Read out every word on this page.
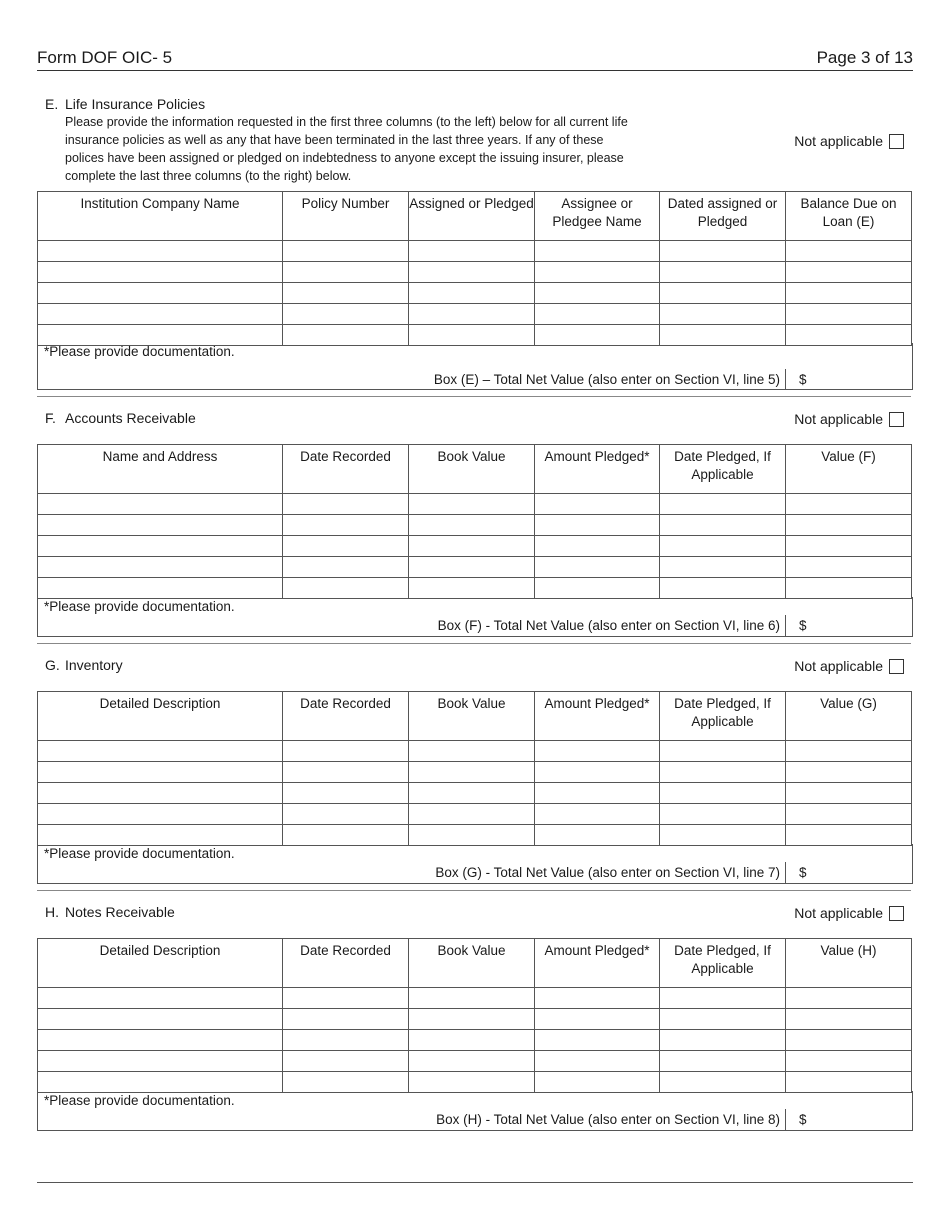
Form DOF OIC- 5	Page 3 of 13
E. Life Insurance Policies
Please provide the information requested in the first three columns (to the left) below for all current life insurance policies as well as any that have been terminated in the last three years. If any of these polices have been assigned or pledged on indebtedness to anyone except the issuing insurer, please complete the last three columns (to the right) below.
Not applicable
Institution Company Name	Policy Number	Assigned or Pledged	Assignee or Pledgee Name	Dated assigned or Pledged	Balance Due on Loan (E)

*Please provide documentation.
Box (E) – Total Net Value (also enter on Section VI, line 5) $
F. Accounts Receivable	Not applicable
Name and Address	Date Recorded	Book Value	Amount Pledged*	Date Pledged, If Applicable	Value (F)

*Please provide documentation.
Box (F) - Total Net Value (also enter on Section VI, line 6) $
G. Inventory	Not applicable
Detailed Description	Date Recorded	Book Value	Amount Pledged*	Date Pledged, If Applicable	Value (G)

*Please provide documentation.
Box (G) - Total Net Value (also enter on Section VI, line 7) $
H. Notes Receivable	Not applicable
Detailed Description	Date Recorded	Book Value	Amount Pledged*	Date Pledged, If Applicable	Value (H)

*Please provide documentation.
Box (H) - Total Net Value (also enter on Section VI, line 8) $
